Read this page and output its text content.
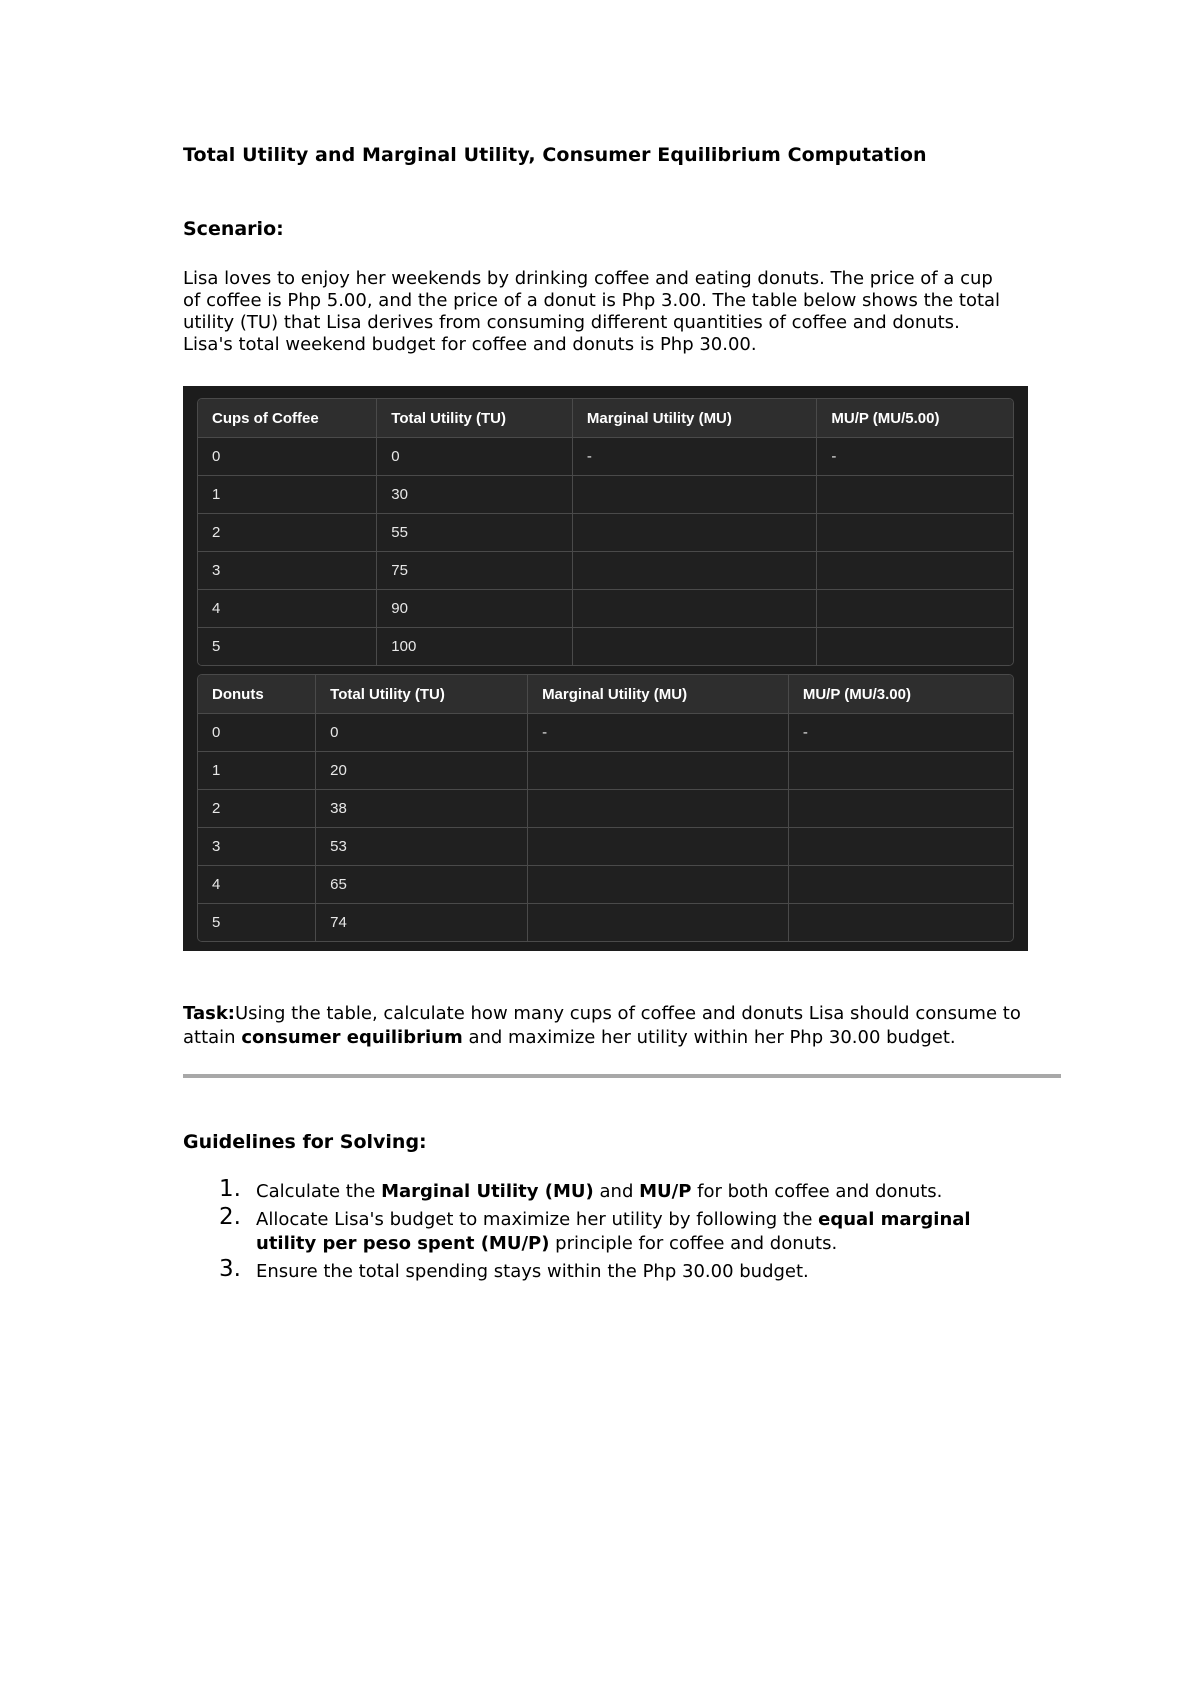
Total Utility and Marginal Utility, Consumer Equilibrium Computation
Scenario:

Lisa loves to enjoy her weekends by drinking coffee and eating donuts. The price of a cup

of coffee is Php 5.00, and the price of a donut is Php 3.00. The table below shows the total

utility (TU) that Lisa derives from consuming different quantities of coffee and donuts.

Lisa's total weekend budget for coffee and donuts is Php 30.00.

Cups of Coffee	Total Utility (TU)	Marginal Utility (MU)	MU/P (MU/5.00)
0	0	-	-
1	30		
2	55		
3	75		
4	90		
5	100		
Donuts	Total Utility (TU)	Marginal Utility (MU)	MU/P (MU/3.00)
0	0	-	-
1	20		
2	38		
3	53		
4	65		
5	74		
Task:Using the table, calculate how many cups of coffee and donuts Lisa should consume to attain consumer equilibrium and maximize her utility within her Php 30.00 budget.
Guidelines for Solving:
1. Calculate the Marginal Utility (MU) and MU/P for both coffee and donuts.
2. Allocate Lisa's budget to maximize her utility by following the equal marginal utility per peso spent (MU/P) principle for coffee and donuts.
3. Ensure the total spending stays within the Php 30.00 budget.
